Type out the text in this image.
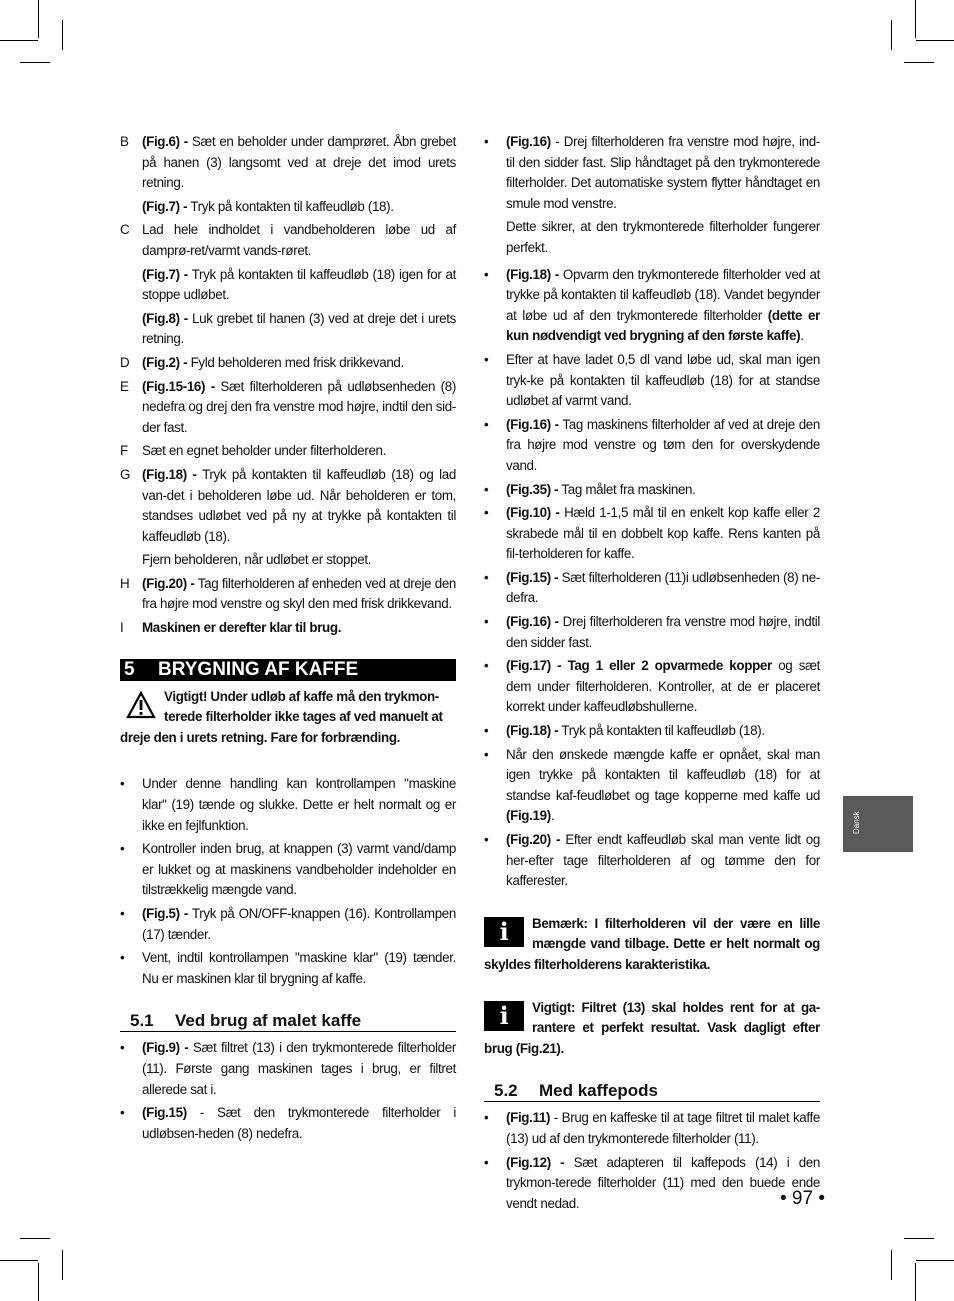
B	(Fig.6) - Sæt en beholder under damprøret. Åbn grebet på hanen (3) langsomt ved at dreje det imod urets retning.
(Fig.7) - Tryk på kontakten til kaffeudløb (18).
C Lad hele indholdet i vandbeholderen løbe ud af damprø-ret/varmt vands-røret.
(Fig.7) - Tryk på kontakten til kaffeudløb (18) igen for at stoppe udløbet.
(Fig.8) - Luk grebet til hanen (3) ved at dreje det i urets retning.
D (Fig.2) - Fyld beholderen med frisk drikkevand.
E	(Fig.15-16) - Sæt filterholderen på udløbsenheden (8) nedefra og drej den fra venstre mod højre, indtil den sid-der fast.
F	Sæt en egnet beholder under filterholderen.
G (Fig.18) - Tryk på kontakten til kaffeudløb (18) og lad van-det i beholderen løbe ud. Når beholderen er tom, standses udløbet ved på ny at trykke på kontakten til kaffeudløb (18).
Fjern beholderen, når udløbet er stoppet.
H (Fig.20) - Tag filterholderen af enheden ved at dreje den fra højre mod venstre og skyl den med frisk drikkevand.
I	Maskinen er derefter klar til brug.
5	BRYGNING AF KAFFE
Vigtigt! Under udløb af kaffe må den trykmon-terede filterholder ikke tages af ved manuelt at dreje den i urets retning. Fare for forbrænding.
•	Under denne handling kan kontrollampen "maskine klar" (19) tænde og slukke. Dette er helt normalt og er ikke en fejlfunktion.
•	Kontroller inden brug, at knappen (3) varmt vand/damp er lukket og at maskinens vandbeholder indeholder en tilstrækkelig mængde vand.
•	(Fig.5) - Tryk på ON/OFF-knappen (16). Kontrollampen (17) tænder.
•	Vent, indtil kontrollampen "maskine klar" (19) tænder. Nu er maskinen klar til brygning af kaffe.
5.1	Ved brug af malet kaffe
•	(Fig.9) - Sæt filtret (13) i den trykmonterede filterholder (11). Første gang maskinen tages i brug, er filtret allerede sat i.
•	(Fig.15) - Sæt den trykmonterede filterholder i udløbsen-heden (8) nedefra.
•	(Fig.16) - Drej filterholderen fra venstre mod højre, ind-til den sidder fast. Slip håndtaget på den trykmonterede filterholder. Det automatiske system flytter håndtaget en smule mod venstre.

Dette sikrer, at den trykmonterede filterholder fungerer perfekt.

•	(Fig.18) - Opvarm den trykmonterede filterholder ved at trykke på kontakten til kaffeudløb (18). Vandet begynder at løbe ud af den trykmonterede filterholder (dette er kun nødvendigt ved brygning af den første kaffe).
•	Efter at have ladet 0,5 dl vand løbe ud, skal man igen tryk-ke på kontakten til kaffeudløb (18) for at standse udløbet af varmt vand.
•	(Fig.16) - Tag maskinens filterholder af ved at dreje den fra højre mod venstre og tøm den for overskydende vand.
•	(Fig.35) - Tag målet fra maskinen.
•	(Fig.10) - Hæld 1-1,5 mål til en enkelt kop kaffe eller 2 skrabede mål til en dobbelt kop kaffe. Rens kanten på fil-terholderen for kaffe.
•	(Fig.15) - Sæt filterholderen (11)i udløbsenheden (8) ne-defra.
•	(Fig.16) - Drej filterholderen fra venstre mod højre, indtil den sidder fast.
•	(Fig.17) - Tag 1 eller 2 opvarmede kopper og sæt dem under filterholderen. Kontroller, at de er placeret korrekt under kaffeudløbshullerne.
•	(Fig.18) - Tryk på kontakten til kaffeudløb (18).
•	Når den ønskede mængde kaffe er opnået, skal man igen trykke på kontakten til kaffeudløb (18) for at standse kaf-feudløbet og tage kopperne med kaffe ud (Fig.19).
•	(Fig.20) - Efter endt kaffeudløb skal man vente lidt og her-efter tage filterholderen af og tømme den for kafferester.
i	Bemærk: I filterholderen vil der være en lille mængde vand tilbage. Dette er helt normalt og skyldes filterholderens karakteristika.
i	Vigtigt: Filtret (13) skal holdes rent for at ga-rantere et perfekt resultat. Vask dagligt efter brug (Fig.21).
5.2	Med kaffepods
•	(Fig.11) - Brug en kaffeske til at tage filtret til malet kaffe (13) ud af den trykmonterede filterholder (11).
•	(Fig.12) - Sæt adapteren til kaffepods (14) i den trykmon-terede filterholder (11) med den buede ende vendt nedad.
Dansk
• 97 •
